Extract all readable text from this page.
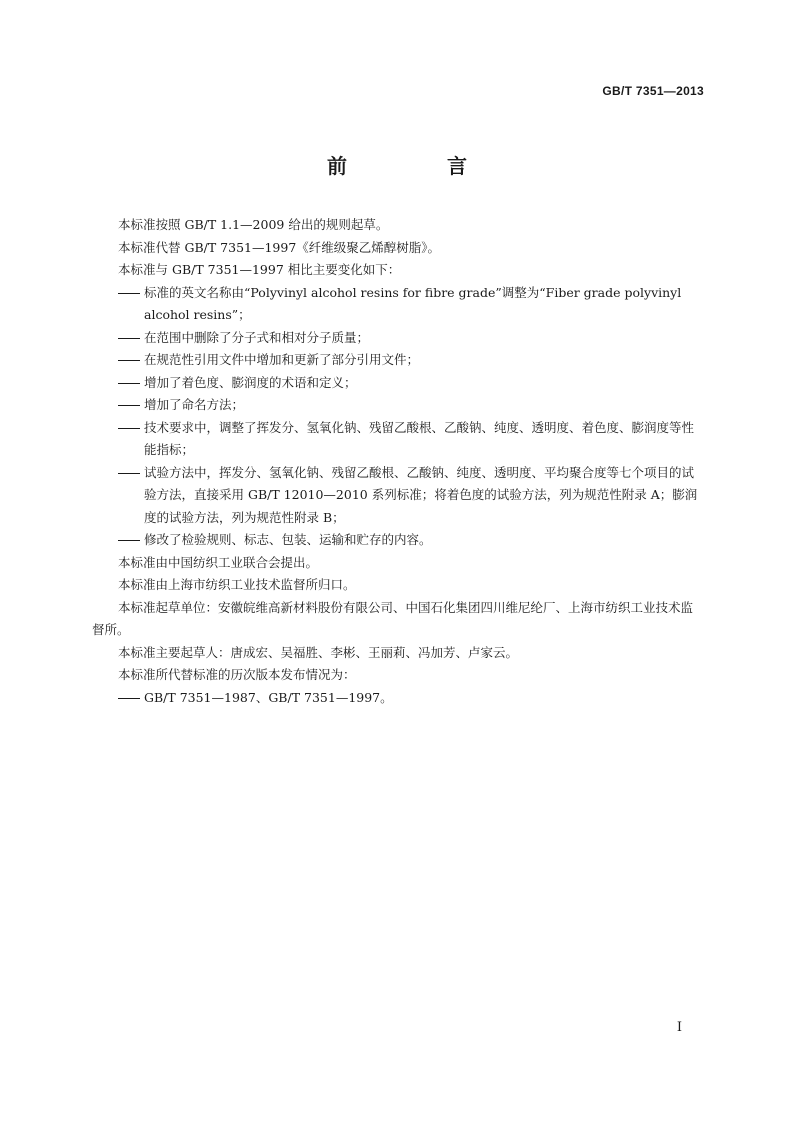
GB/T 7351—2013
前　言

本标准按照 GB/T 1.1—2009 给出的规则起草。

本标准代替 GB/T 7351—1997《纤维级聚乙烯醇树脂》。

本标准与 GB/T 7351—1997 相比主要变化如下：

标准的英文名称由“Polyvinyl alcohol resins for fibre grade”调整为“Fiber grade polyvinyl alcohol resins”；

在范围中删除了分子式和相对分子质量；

在规范性引用文件中增加和更新了部分引用文件；

增加了着色度、膨润度的术语和定义；

增加了命名方法；

技术要求中，调整了挥发分、氢氧化钠、残留乙酸根、乙酸钠、纯度、透明度、着色度、膨润度等性能指标；

试验方法中，挥发分、氢氧化钠、残留乙酸根、乙酸钠、纯度、透明度、平均聚合度等七个项目的试验方法，直接采用 GB/T 12010—2010 系列标准；将着色度的试验方法，列为规范性附录 A；膨润度的试验方法，列为规范性附录 B；

修改了检验规则、标志、包装、运输和贮存的内容。

本标准由中国纺织工业联合会提出。

本标准由上海市纺织工业技术监督所归口。

本标准起草单位：安徽皖维高新材料股份有限公司、中国石化集团四川维尼纶厂、上海市纺织工业技术监督所。

本标准主要起草人：唐成宏、吴福胜、李彬、王丽莉、冯加芳、卢家云。

本标准所代替标准的历次版本发布情况为：

GB/T 7351—1987、GB/T 7351—1997。

I
